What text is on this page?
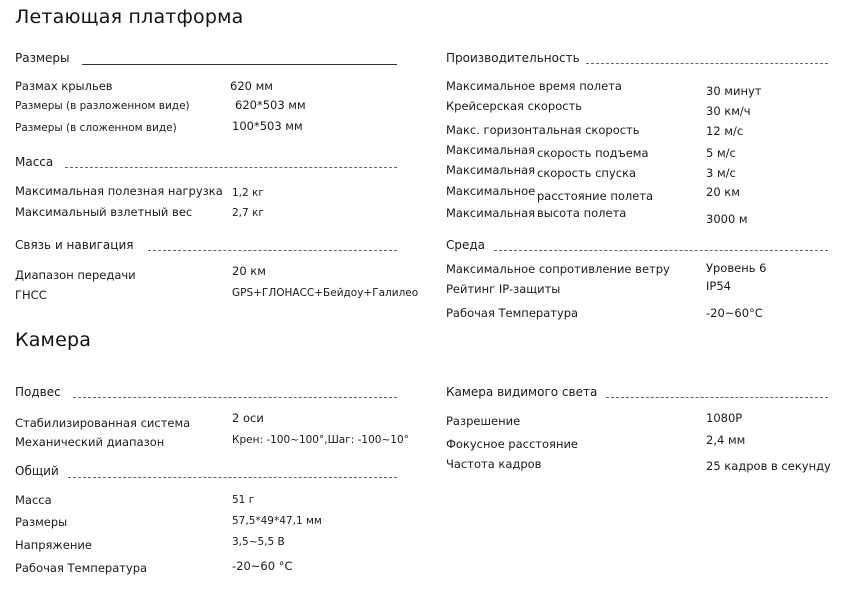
Летающая платформа
Камера
Размеры
Размах крыльев	620 мм
Размеры (в разложенном виде)	620*503 мм
Размеры (в сложенном виде)	100*503 мм
Масса
Максимальная полезная нагрузка 1,2 кг
Максимальный взлетный вес	2,7 кг
Связь и навигация
Диапазон передачи	20 км
ГНСС	GPS+ГЛОНАСС+Бейдоу+Галилео
Производительность
Максимальное время полета	30 минут
Крейсерская скорость	30 км/ч
Макс. горизонтальная скорость	12 м/с
Максимальная скорость подъема	5 м/с
Максимальная скорость спуска	3 м/с
Максимальное расстояние полета	20 км
Максимальная высота полета	3000 м
Среда
Максимальное сопротивление ветру	Уровень 6
Рейтинг IP-защиты	IP54
Рабочая Температура	-20~60°C
Подвес
Стабилизированная система	2 оси
Механический диапазон	Крен: -100~100°,Шаг: -100~10°
Общий
Масса	51 г
Размеры	57,5*49*47,1 мм
Напряжение	3,5~5,5 В
Рабочая Температура	-20~60 °C
Камера видимого света
Разрешение	1080P
Фокусное расстояние	2,4 мм
Частота кадров	25 кадров в секунду
